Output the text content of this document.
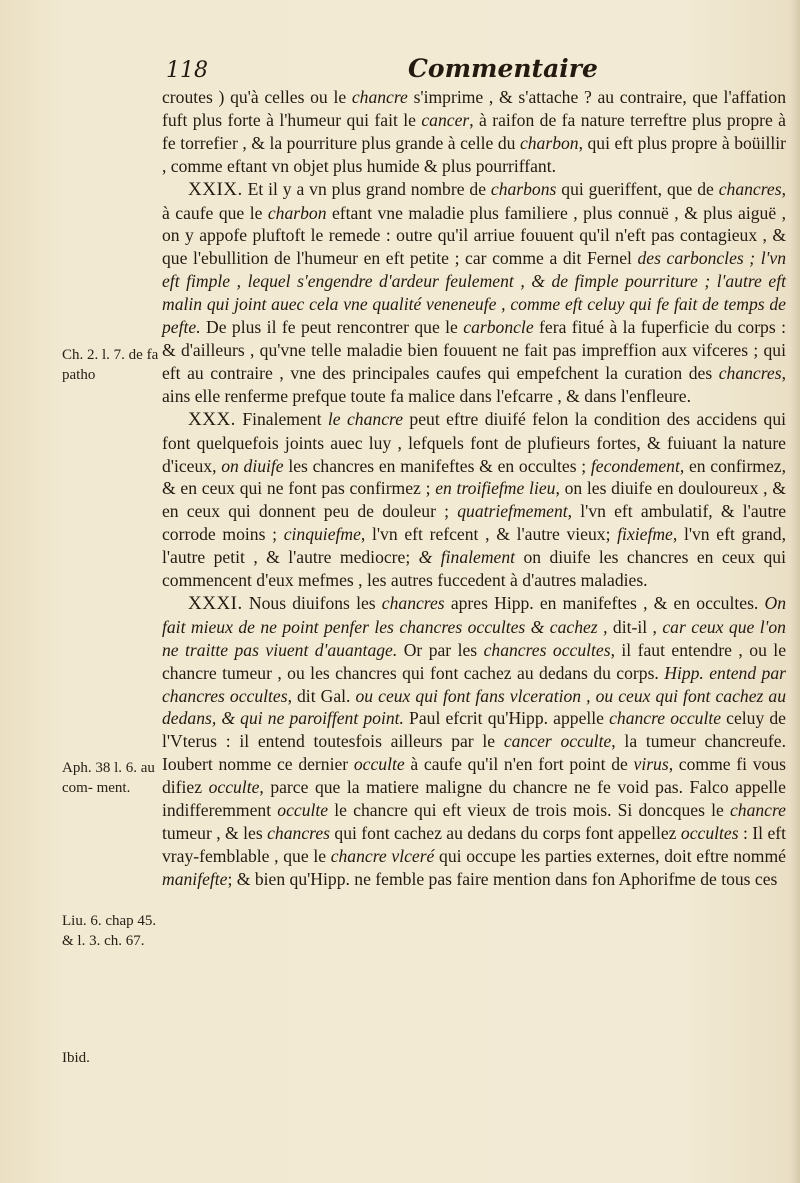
118	Commentaire
Ch. 2. l. 7. de fa patho
Aph. 38 l. 6. au com- ment.
Liu. 6. chap 45. & l. 3. ch. 67.
Ibid.

croutes ) qu'à celles ou le chancre s'imprime , & s'attache ? au contraire, que l'affation fuft plus forte à l'humeur qui fait le cancer, à raifon de fa nature terreftre plus propre à fe torrefier , & la pourriture plus grande à celle du charbon, qui eft plus propre à boüillir , comme eftant vn objet plus humide & plus pourriffant.

XXIX. Et il y a vn plus grand nombre de charbons qui gueriffent, que de chancres, à caufe que le charbon eftant vne maladie plus familiere , plus connuë , & plus aiguë , on y appofe pluftoft le remede : outre qu'il arriue fouuent qu'il n'eft pas contagieux , & que l'ebullition de l'humeur en eft petite ; car comme a dit Fernel des carboncles ; l'vn eft fimple , lequel s'engendre d'ardeur feulement , & de fimple pourriture ; l'autre eft malin qui joint auec cela vne qualité veneneufe , comme eft celuy qui fe fait de temps de pefte. De plus il fe peut rencontrer que le carboncle fera fitué à la fuperficie du corps : & d'ailleurs , qu'vne telle maladie bien fouuent ne fait pas impreffion aux vifceres ; qui eft au contraire , vne des principales caufes qui empefchent la curation des chancres, ains elle renferme prefque toute fa malice dans l'efcarre , & dans l'enfleure.

XXX. Finalement le chancre peut eftre diuifé felon la condition des accidens qui font quelquefois joints auec luy , lefquels font de plufieurs fortes, & fuiuant la nature d'iceux, on diuife les chancres en manifeftes & en occultes ; fecondement, en confirmez, & en ceux qui ne font pas confirmez ; en troifiefme lieu, on les diuife en douloureux , & en ceux qui donnent peu de douleur ; quatriefmement, l'vn eft ambulatif, & l'autre corrode moins ; cinquiefme, l'vn eft refcent , & l'autre vieux; fixiefme, l'vn eft grand, l'autre petit , & l'autre mediocre; & finalement on diuife les chancres en ceux qui commencent d'eux mefmes , les autres fuccedent à d'autres maladies.

XXXI. Nous diuifons les chancres apres Hipp. en manifeftes , & en occultes. On fait mieux de ne point penfer les chancres occultes & cachez , dit-il , car ceux que l'on ne traitte pas viuent d'auantage. Or par les chancres occultes, il faut entendre , ou le chancre tumeur , ou les chancres qui font cachez au dedans du corps. Hipp. entend par chancres occultes, dit Gal. ou ceux qui font fans vlceration , ou ceux qui font cachez au dedans, & qui ne paroiffent point. Paul efcrit qu'Hipp. appelle chancre occulte celuy de l'Vterus : il entend toutesfois ailleurs par le cancer occulte, la tumeur chancreufe. Ioubert nomme ce dernier occulte à caufe qu'il n'en fort point de virus, comme fi vous difiez occulte, parce que la matiere maligne du chancre ne fe void pas. Falco appelle indifferemment occulte le chancre qui eft vieux de trois mois. Si doncques le chancre tumeur , & les chancres qui font cachez au dedans du corps font appellez occultes : Il eft vray-femblable , que le chancre vlceré qui occupe les parties externes, doit eftre nommé manifefte; & bien qu'Hipp. ne femble pas faire mention dans fon Aphorifme de tous ces
